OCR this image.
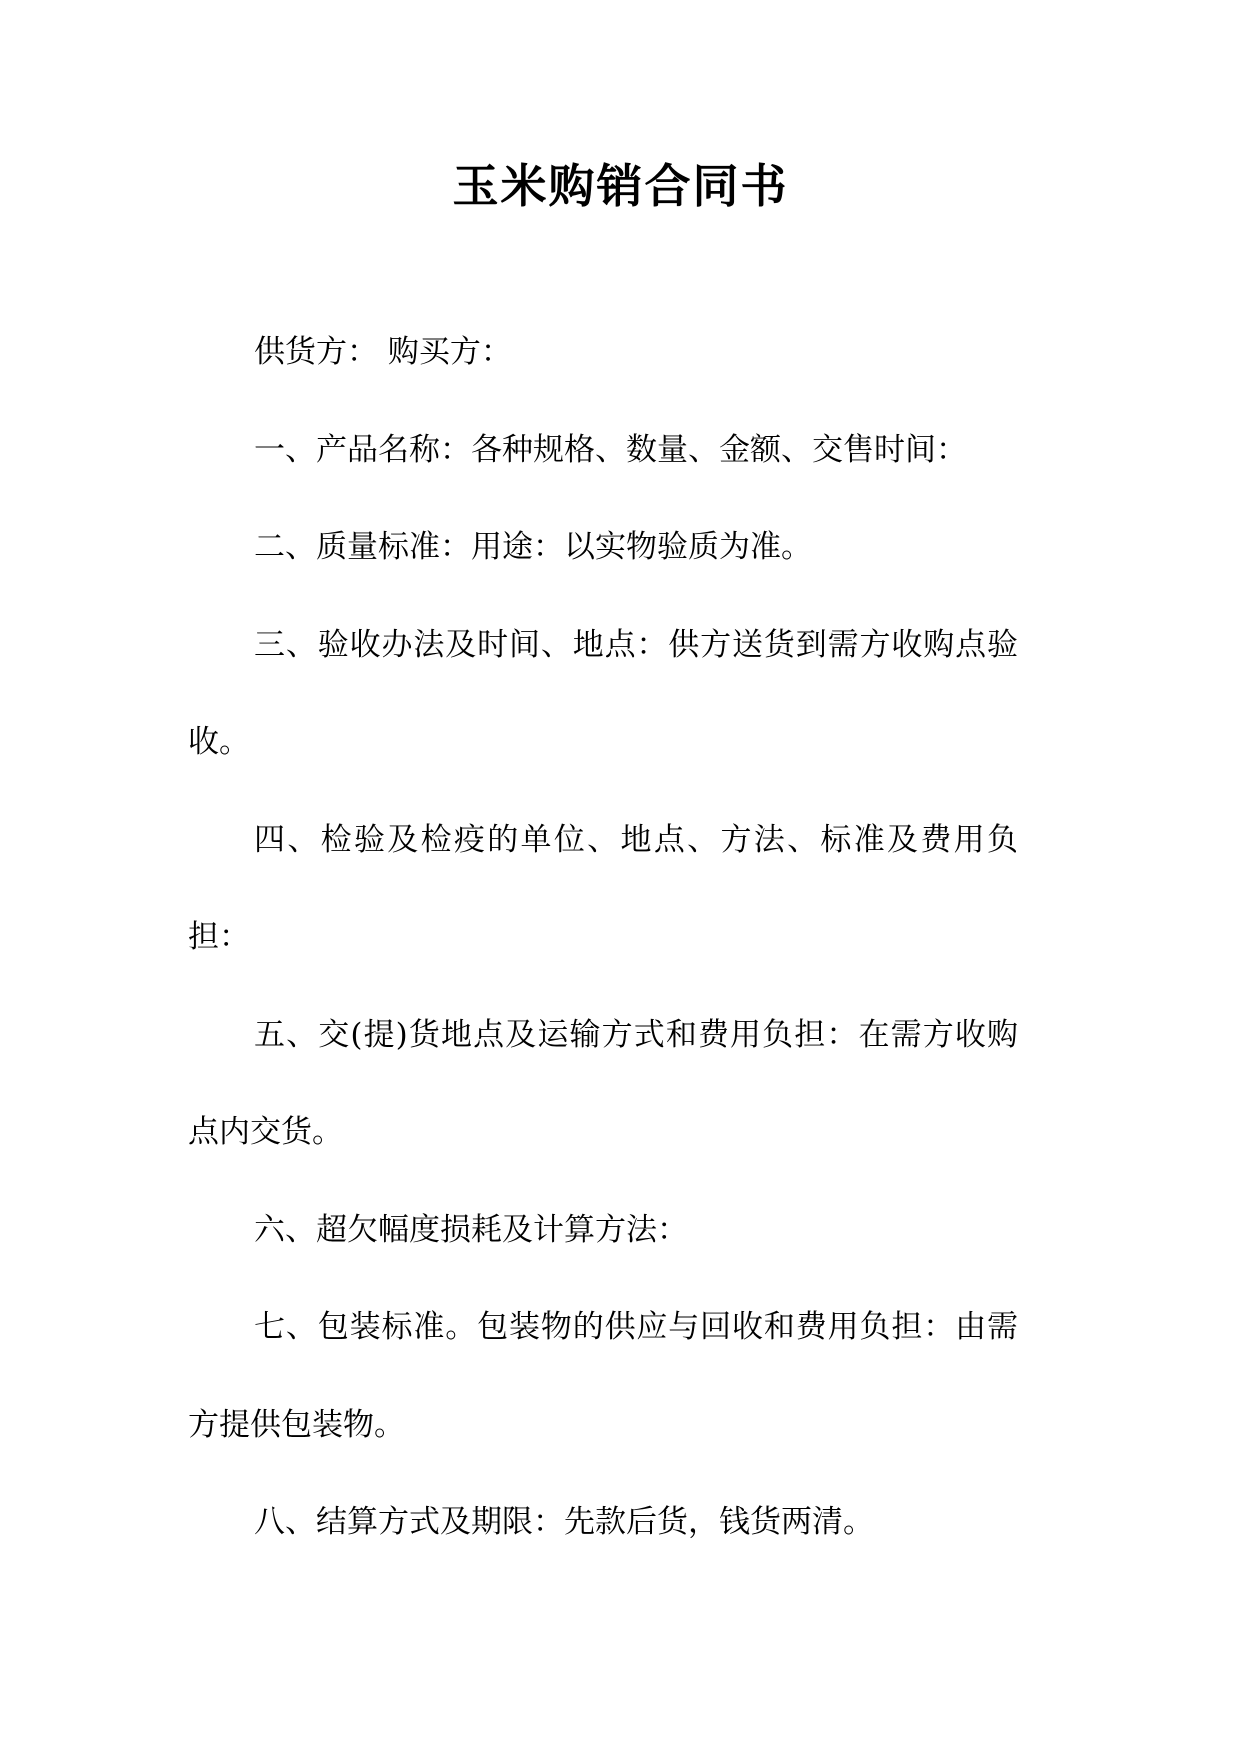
玉米购销合同书

供货方： 购买方：

一、产品名称：各种规格、数量、金额、交售时间：

二、质量标准：用途：以实物验质为准。

三、验收办法及时间、地点：供方送货到需方收购点验收。

四、检验及检疫的单位、地点、方法、标准及费用负担：

五、交(提)货地点及运输方式和费用负担：在需方收购点内交货。

六、超欠幅度损耗及计算方法：

七、包装标准。包装物的供应与回收和费用负担：由需方提供包装物。

八、结算方式及期限：先款后货，钱货两清。
